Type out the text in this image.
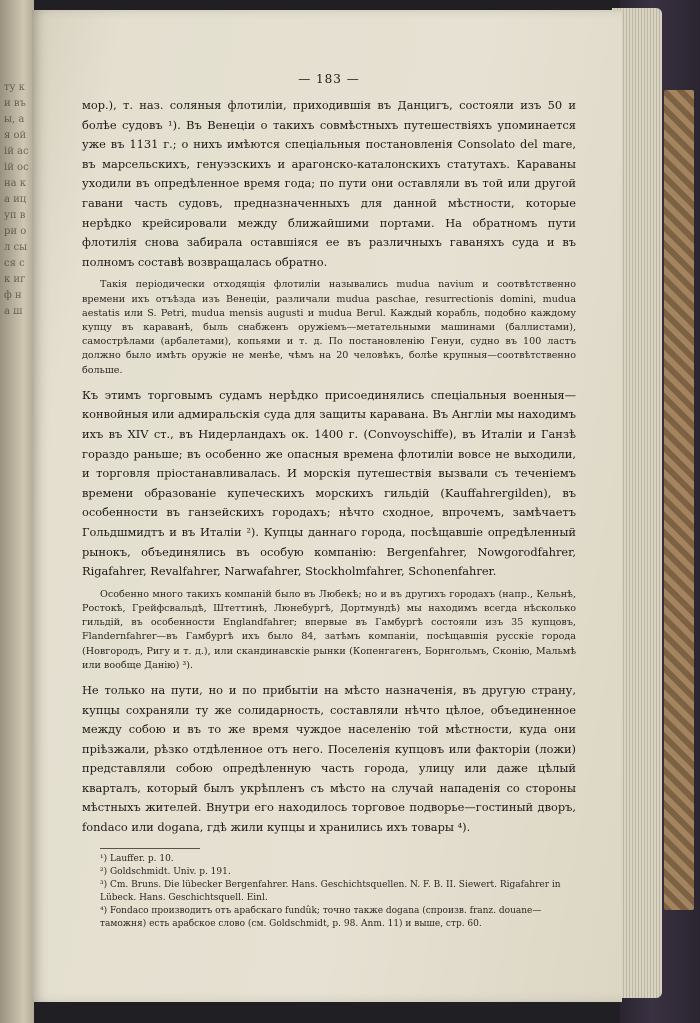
ту ки въ ы, ая ой ій ас ій ос на ка иц уп в ри ол сы ся ск иг ф н а ш
— 183 —

мор.), т. наз. соляныя флотиліи, приходившія въ Данцигъ, состояли изъ 50 и болѣе судовъ ¹). Въ Венеціи о такихъ совмѣстныхъ путешествіяхъ упоминается уже въ 1131 г.; о нихъ имѣются спеціальныя постановленія Consolato del mare, въ марсельскихъ, генуэзскихъ и арагонско-каталонскихъ статутахъ. Караваны уходили въ опредѣленное время года; по пути они оставляли въ той или другой гавани часть судовъ, предназначенныхъ для данной мѣстности, которые нерѣдко крейсировали между ближайшими портами. На обратномъ пути флотилія снова забирала оставшіяся ее въ различныхъ гаваняхъ суда и въ полномъ составѣ возвращалась обратно.

Такія періодически отходящія флотиліи назывались mudua navium и соотвѣтственно времени ихъ отъѣзда изъ Венеціи, различали mudua paschae, resurrectionis domini, mudua aestatis или S. Petri, mudua mensis augusti и mudua Berul. Каждый корабль, подобно каждому купцу въ караванѣ, быль снабженъ оружіемъ—метательными машинами (баллистами), самострѣлами (арбалетами), копьями и т. д. По постановленію Генуи, судно въ 100 ластъ должно было имѣть оружіе не менѣе, чѣмъ на 20 человѣкъ, болѣе крупныя—соотвѣтственно больше.

Къ этимъ торговымъ судамъ нерѣдко присоединялись спеціальныя военныя—конвойныя или адмиральскія суда для защиты каравана. Въ Англіи мы находимъ ихъ въ XIV ст., въ Нидерландахъ ок. 1400 г. (Convoyschiffe), въ Италіи и Ганзѣ гораздо раньше; въ особенно же опасныя времена флотиліи вовсе не выходили, и торговля пріостанавливалась. И морскія путешествія вызвали съ теченіемъ времени образованіе купеческихъ морскихъ гильдій (Kauffahrergilden), въ особенности въ ганзейскихъ городахъ; нѣчто сходное, впрочемъ, замѣчаетъ Гольдшмидтъ и въ Италіи ²). Купцы даннаго города, посѣщавшіе опредѣленный рынокъ, объединялись въ особую компанію: Bergenfahrer, Nowgorodfahrer, Rigafahrer, Revalfahrer, Narwafahrer, Stockholmfahrer, Schonenfahrer.

Особенно много такихъ компаній было въ Любекѣ; но и въ другихъ городахъ (напр., Кельнѣ, Ростокѣ, Грейфсвальдѣ, Штеттинѣ, Люнебургѣ, Дортмундѣ) мы находимъ всегда нѣсколько гильдій, въ особенности Englandfahrer; впервые въ Гамбургѣ состояли изъ 35 купцовъ, Flandernfahrer—въ Гамбургѣ ихъ было 84, затѣмъ компаніи, посѣщавшія русскіе города (Новгородъ, Ригу и т. д.), или скандинавскіе рынки (Копенгагенъ, Борнгольмъ, Сконію, Мальмѣ или вообще Данію) ³).

Не только на пути, но и по прибытіи на мѣсто назначенія, въ другую страну, купцы сохраняли ту же солидарность, составляли нѣчто цѣлое, объединенное между собою и въ то же время чуждое населенію той мѣстности, куда они пріѣзжали, рѣзко отдѣленное отъ него. Поселенія купцовъ или факторіи (ложи) представляли собою опредѣленную часть города, улицу или даже цѣлый кварталъ, который былъ укрѣпленъ съ мѣсто на случай нападенія со стороны мѣстныхъ жителей. Внутри его находилось торговое подворье—гостиный дворъ, fondaco или dogana, гдѣ жили купцы и хранились ихъ товары ⁴).

¹) Lauffer. p. 10.

²) Goldschmidt. Univ. p. 191.

³) Cm. Bruns. Die lübecker Bergenfahrer. Hans. Geschichtsquellen. N. F. B. II. Siewert. Rigafahrer in Lübeck. Hans. Geschichtsquell. Einl.

⁴) Fondaco производитъ отъ арабскаго fundûk; точно также dogana (спроизв. franz. douane—таможня) есть арабское слово (см. Goldschmidt, p. 98. Anm. 11) и выше, стр. 60.
